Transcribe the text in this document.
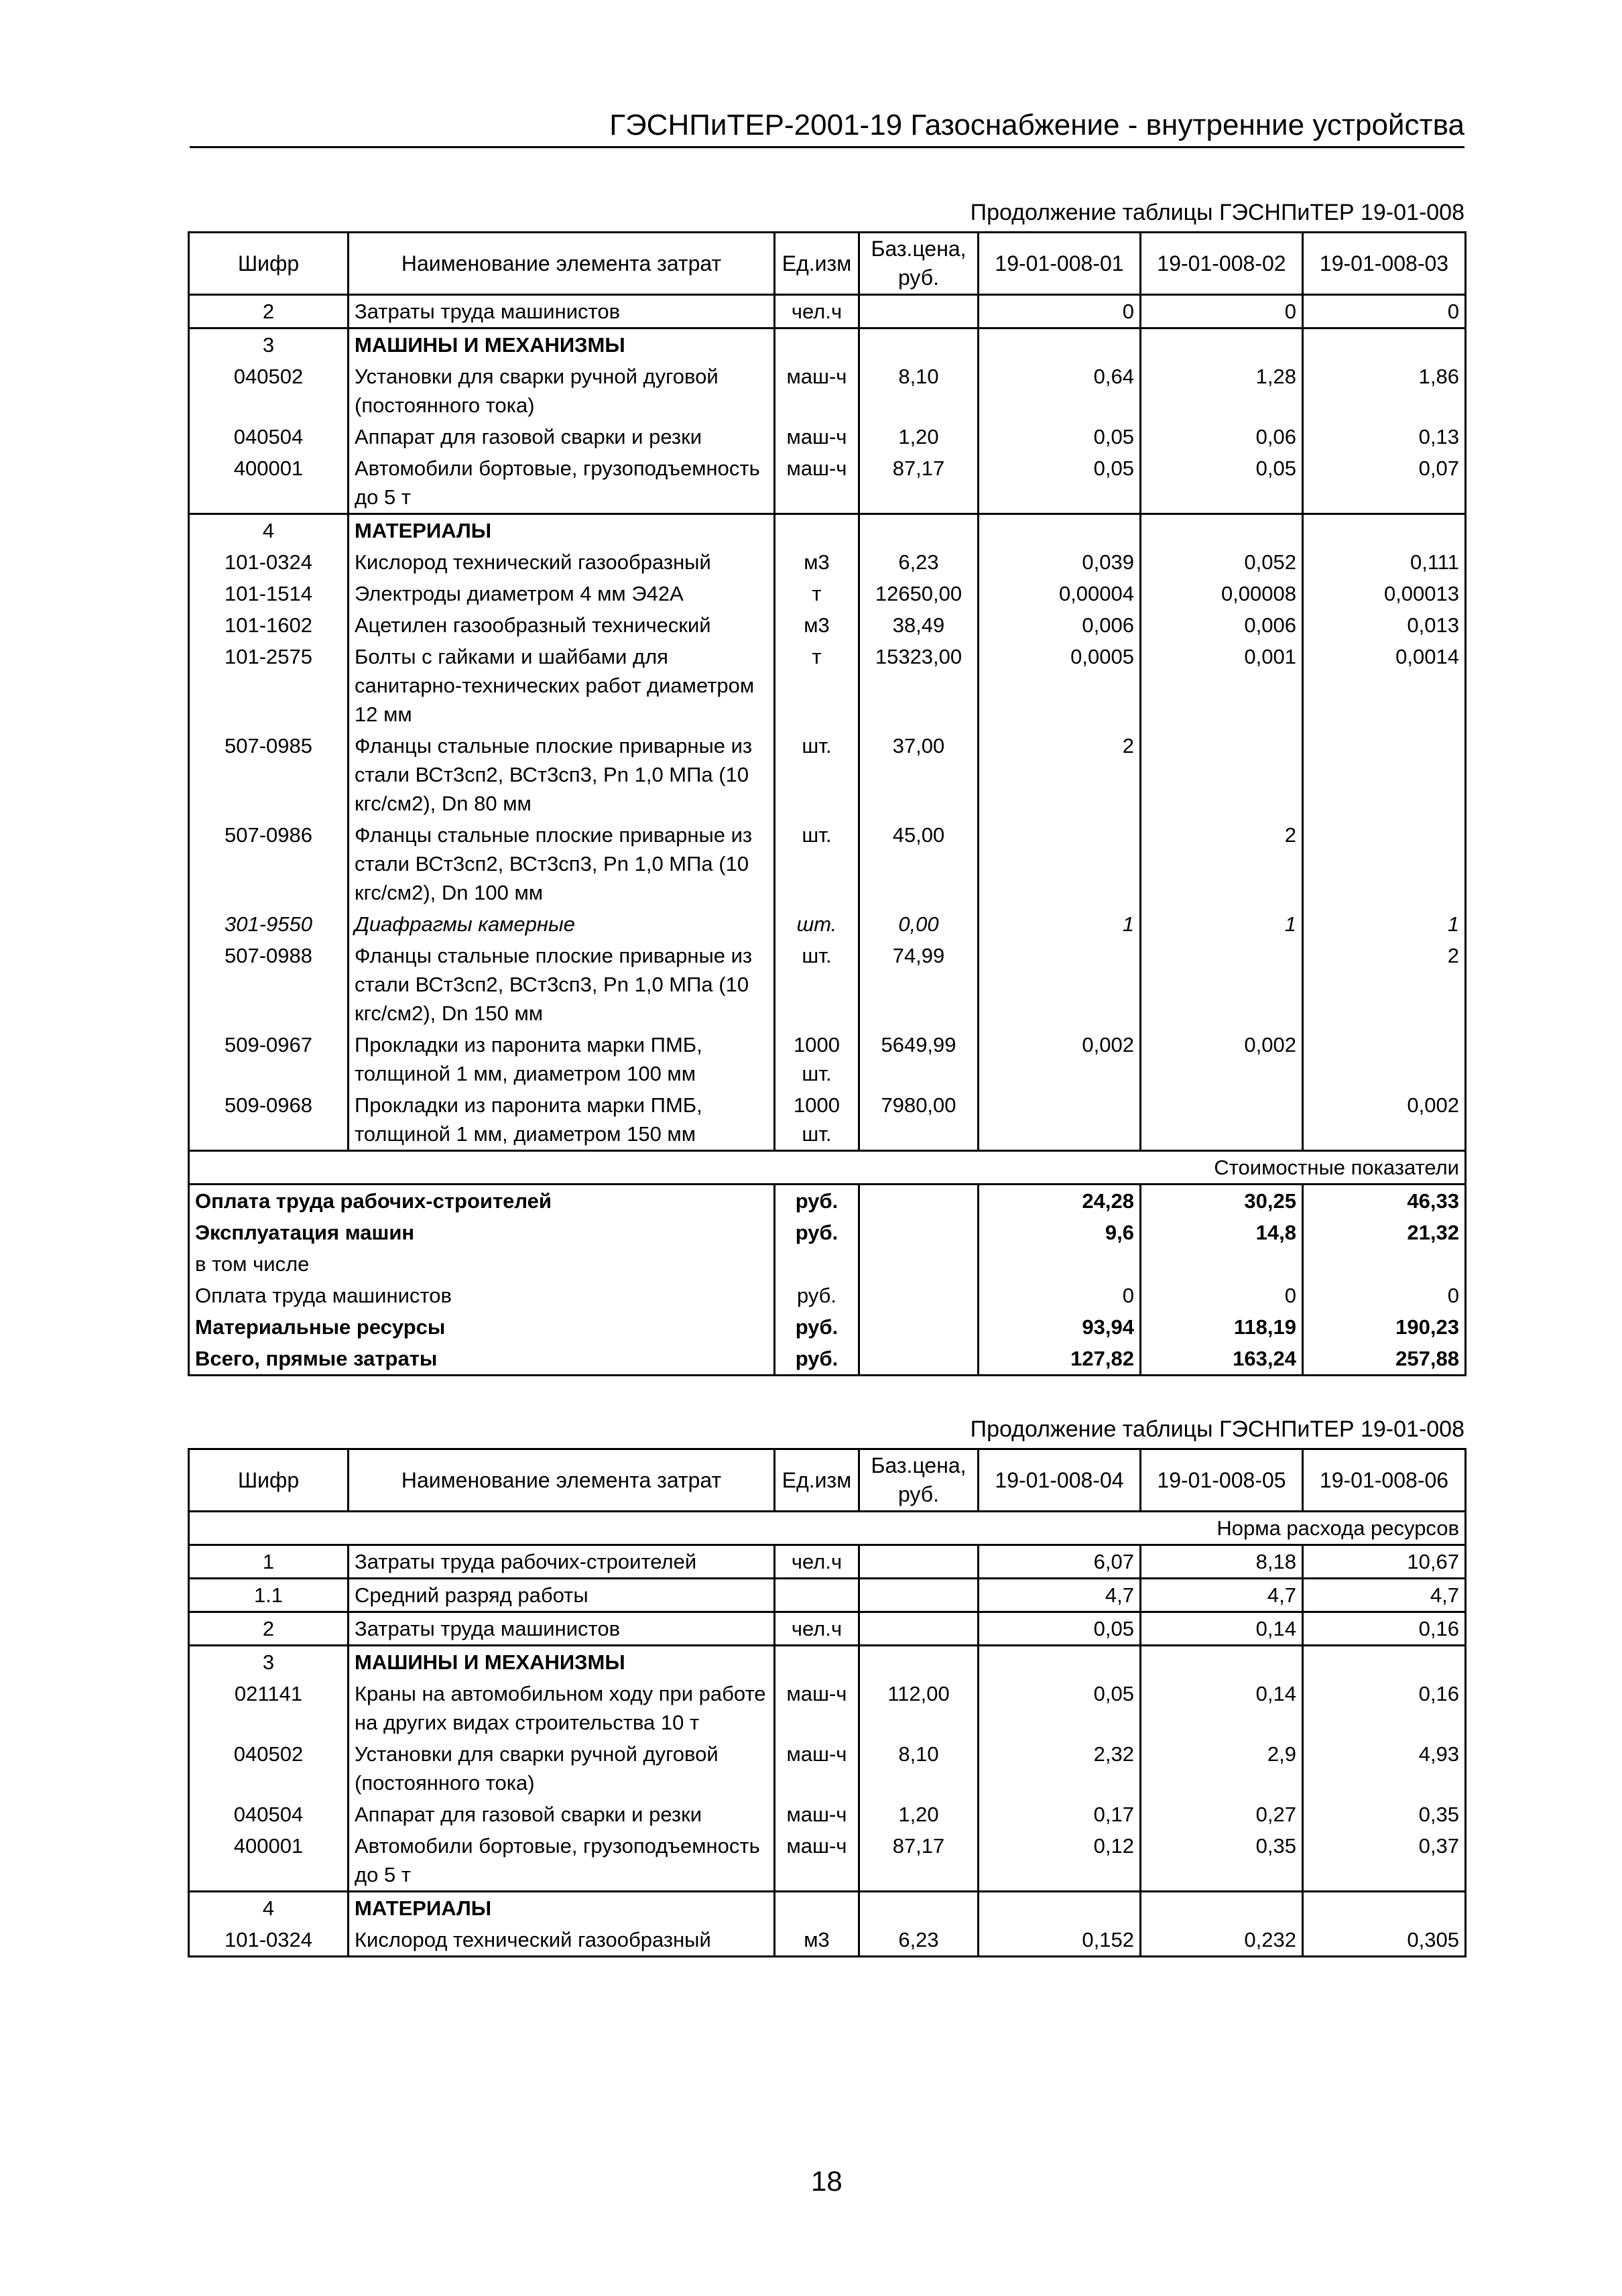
ГЭСНПиТЕР-2001-19 Газоснабжение - внутренние устройства
Продолжение таблицы ГЭСНПиТЕР 19-01-008
Шифр	Наименование элемента затрат	Ед.изм	Баз.цена, руб.	19-01-008-01	19-01-008-02	19-01-008-03
2	Затраты труда машинистов	чел.ч		0	0	0
3	МАШИНЫ И МЕХАНИЗМЫ					
040502	Установки для сварки ручной дуговой (постоянного тока)	маш-ч	8,10	0,64	1,28	1,86
040504	Аппарат для газовой сварки и резки	маш-ч	1,20	0,05	0,06	0,13
400001	Автомобили бортовые, грузоподъемность до 5 т	маш-ч	87,17	0,05	0,05	0,07
4	МАТЕРИАЛЫ					
101-0324	Кислород технический газообразный	м3	6,23	0,039	0,052	0,111
101-1514	Электроды диаметром 4 мм Э42А	т	12650,00	0,00004	0,00008	0,00013
101-1602	Ацетилен газообразный технический	м3	38,49	0,006	0,006	0,013
101-2575	Болты с гайками и шайбами для санитарно-технических работ диаметром 12 мм	т	15323,00	0,0005	0,001	0,0014
507-0985	Фланцы стальные плоские приварные из стали ВСт3сп2, ВСт3сп3, Рn 1,0 МПа (10 кгс/см2), Dn 80 мм	шт.	37,00	2		
507-0986	Фланцы стальные плоские приварные из стали ВСт3сп2, ВСт3сп3, Рn 1,0 МПа (10 кгс/см2), Dn 100 мм	шт.	45,00		2	
301-9550	Диафрагмы камерные	шт.	0,00	1	1	1
507-0988	Фланцы стальные плоские приварные из стали ВСт3сп2, ВСт3сп3, Рn 1,0 МПа (10 кгс/см2), Dn 150 мм	шт.	74,99			2
509-0967	Прокладки из паронита марки ПМБ, толщиной 1 мм, диаметром 100 мм	1000 шт.	5649,99	0,002	0,002	
509-0968	Прокладки из паронита марки ПМБ, толщиной 1 мм, диаметром 150 мм	1000 шт.	7980,00			0,002
Стоимостные показатели						
Оплата труда рабочих-строителей		руб.		24,28	30,25	46,33
Эксплуатация машин		руб.		9,6	14,8	21,32
в том числе						
Оплата труда машинистов		руб.		0	0	0
Материальные ресурсы		руб.		93,94	118,19	190,23
Всего, прямые затраты		руб.		127,82	163,24	257,88
Продолжение таблицы ГЭСНПиТЕР 19-01-008
Шифр	Наименование элемента затрат	Ед.изм	Баз.цена, руб.	19-01-008-04	19-01-008-05	19-01-008-06
Норма расхода ресурсов						
1	Затраты труда рабочих-строителей	чел.ч		6,07	8,18	10,67
1.1	Средний разряд работы			4,7	4,7	4,7
2	Затраты труда машинистов	чел.ч		0,05	0,14	0,16
3	МАШИНЫ И МЕХАНИЗМЫ					
021141	Краны на автомобильном ходу при работе на других видах строительства 10 т	маш-ч	112,00	0,05	0,14	0,16
040502	Установки для сварки ручной дуговой (постоянного тока)	маш-ч	8,10	2,32	2,9	4,93
040504	Аппарат для газовой сварки и резки	маш-ч	1,20	0,17	0,27	0,35
400001	Автомобили бортовые, грузоподъемность до 5 т	маш-ч	87,17	0,12	0,35	0,37
4	МАТЕРИАЛЫ					
101-0324	Кислород технический газообразный	м3	6,23	0,152	0,232	0,305
18
